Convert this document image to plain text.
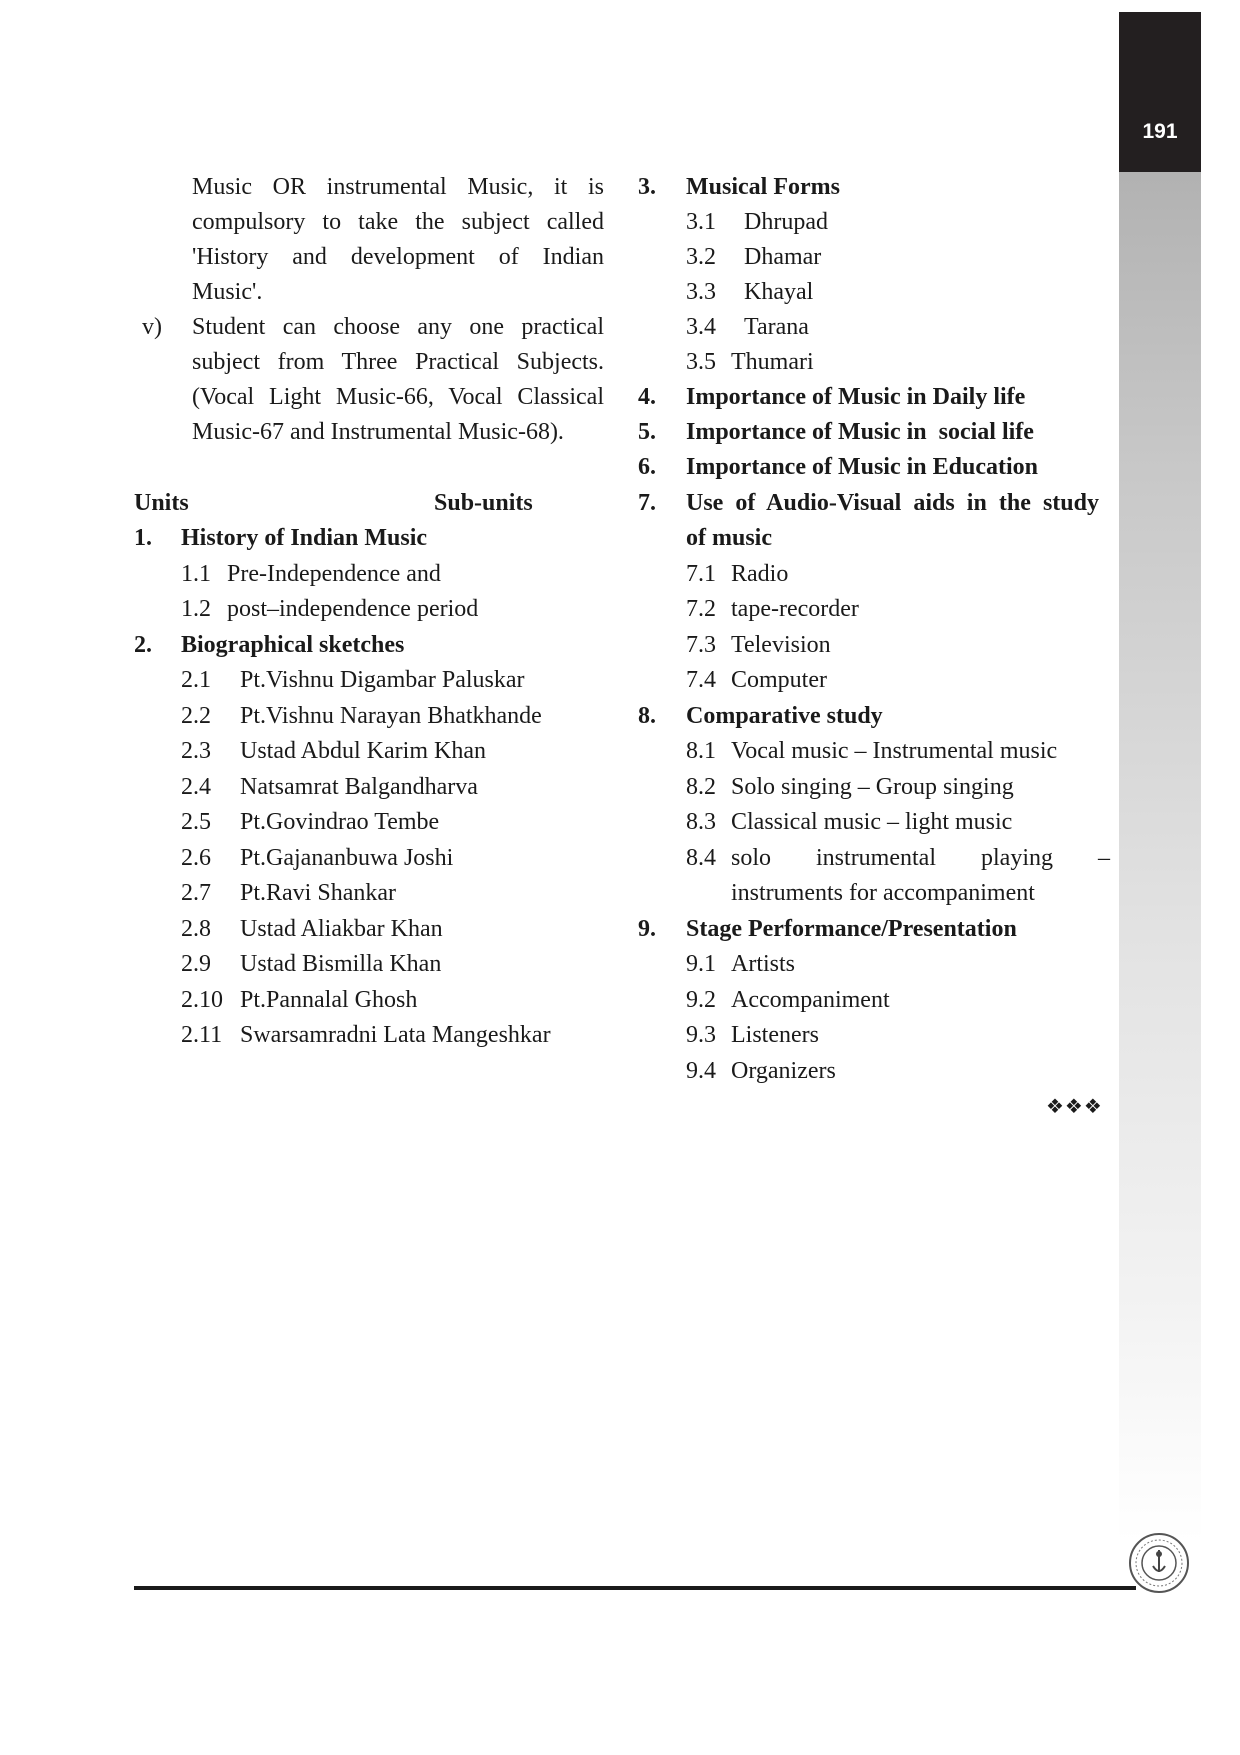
191
Music OR instrumental Music, it is
compulsory to take the subject called
'History and development of Indian
Music'.
v) Student can choose any one practical
subject from Three Practical Subjects.
(Vocal Light Music-66, Vocal Classical
Music-67 and Instrumental Music-68).
Units	Sub-units
1. History of Indian Music
1.1 Pre-Independence and
1.2 post–independence period
2. Biographical sketches
2.1 Pt.Vishnu Digambar Paluskar
2.2 Pt.Vishnu Narayan Bhatkhande
2.3 Ustad Abdul Karim Khan
2.4 Natsamrat Balgandharva
2.5 Pt.Govindrao Tembe
2.6 Pt.Gajananbuwa Joshi
2.7 Pt.Ravi Shankar
2.8 Ustad Aliakbar Khan
2.9 Ustad Bismilla Khan
2.10 Pt.Pannalal Ghosh
2.11 Swarsamradni Lata Mangeshkar
3. Musical Forms
3.1 Dhrupad
3.2 Dhamar
3.3 Khayal
3.4 Tarana
3.5 Thumari
4. Importance of Music in Daily life
5. Importance of Music in  social life
6. Importance of Music in Education
7. Use of Audio-Visual aids in the study
of music
7.1 Radio
7.2 tape-recorder
7.3 Television
7.4 Computer
8. Comparative study
8.1 Vocal music – Instrumental music
8.2 Solo singing – Group singing
8.3 Classical music – light music
8.4 solo instrumental playing –
instruments for accompaniment
9. Stage Performance/Presentation
9.1 Artists
9.2 Accompaniment
9.3 Listeners
9.4 Organizers
❖❖❖
